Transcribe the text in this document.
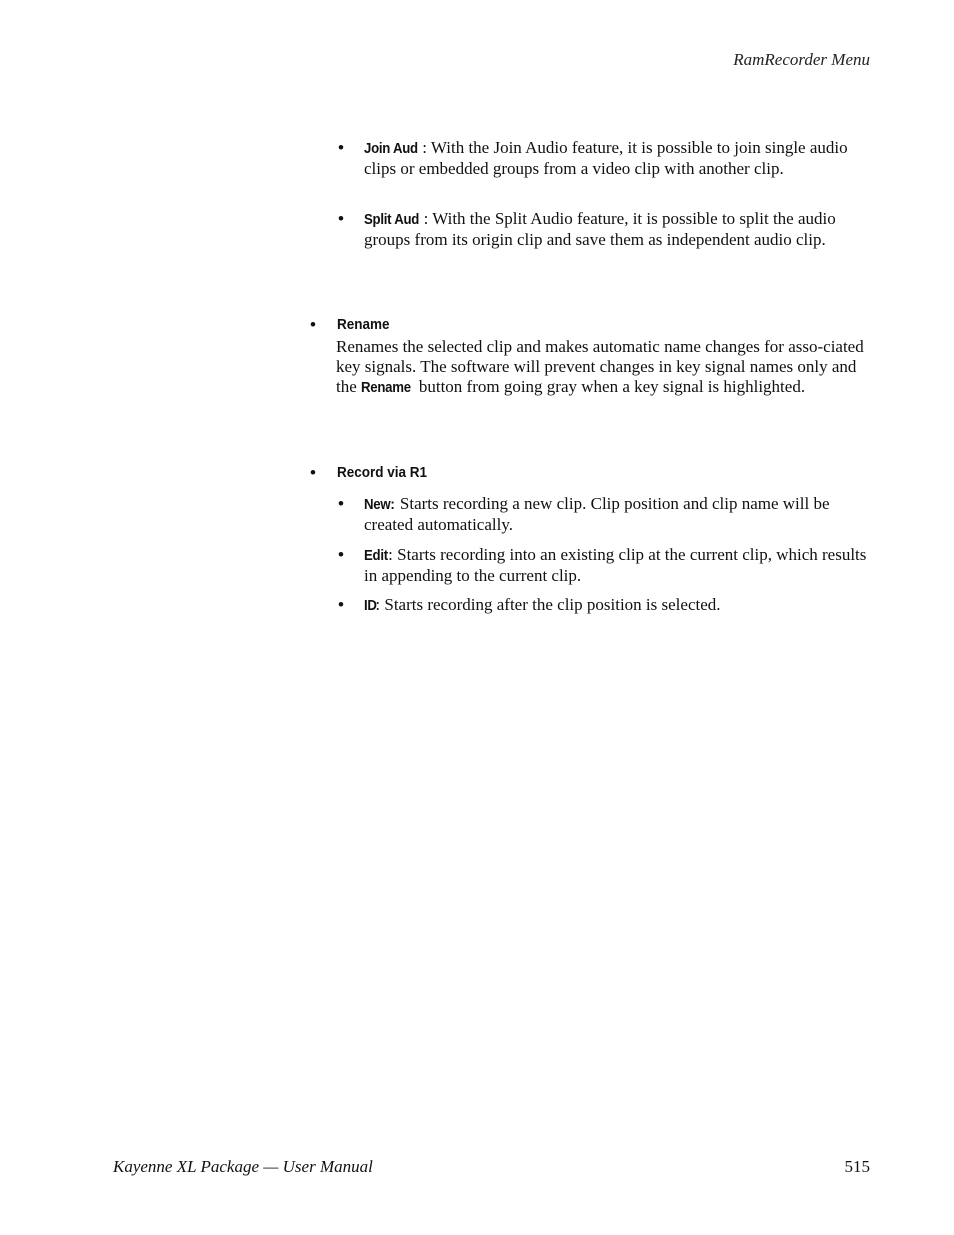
RamRecorder Menu
• Join Aud : With the Join Audio feature, it is possible to join single audio clips or embedded groups from a video clip with another clip.
• Split Aud : With the Split Audio feature, it is possible to split the audio groups from its origin clip and save them as independent audio clip.
• Rename
Renames the selected clip and makes automatic name changes for asso-ciated key signals. The software will prevent changes in key signal names only and the Rename button from going gray when a key signal is highlighted.
• Record via R1
• New: Starts recording a new clip. Clip position and clip name will be created automatically.
• Edit: Starts recording into an existing clip at the current clip, which results in appending to the current clip.
• ID: Starts recording after the clip position is selected.
Kayenne XL Package — User Manual	515
